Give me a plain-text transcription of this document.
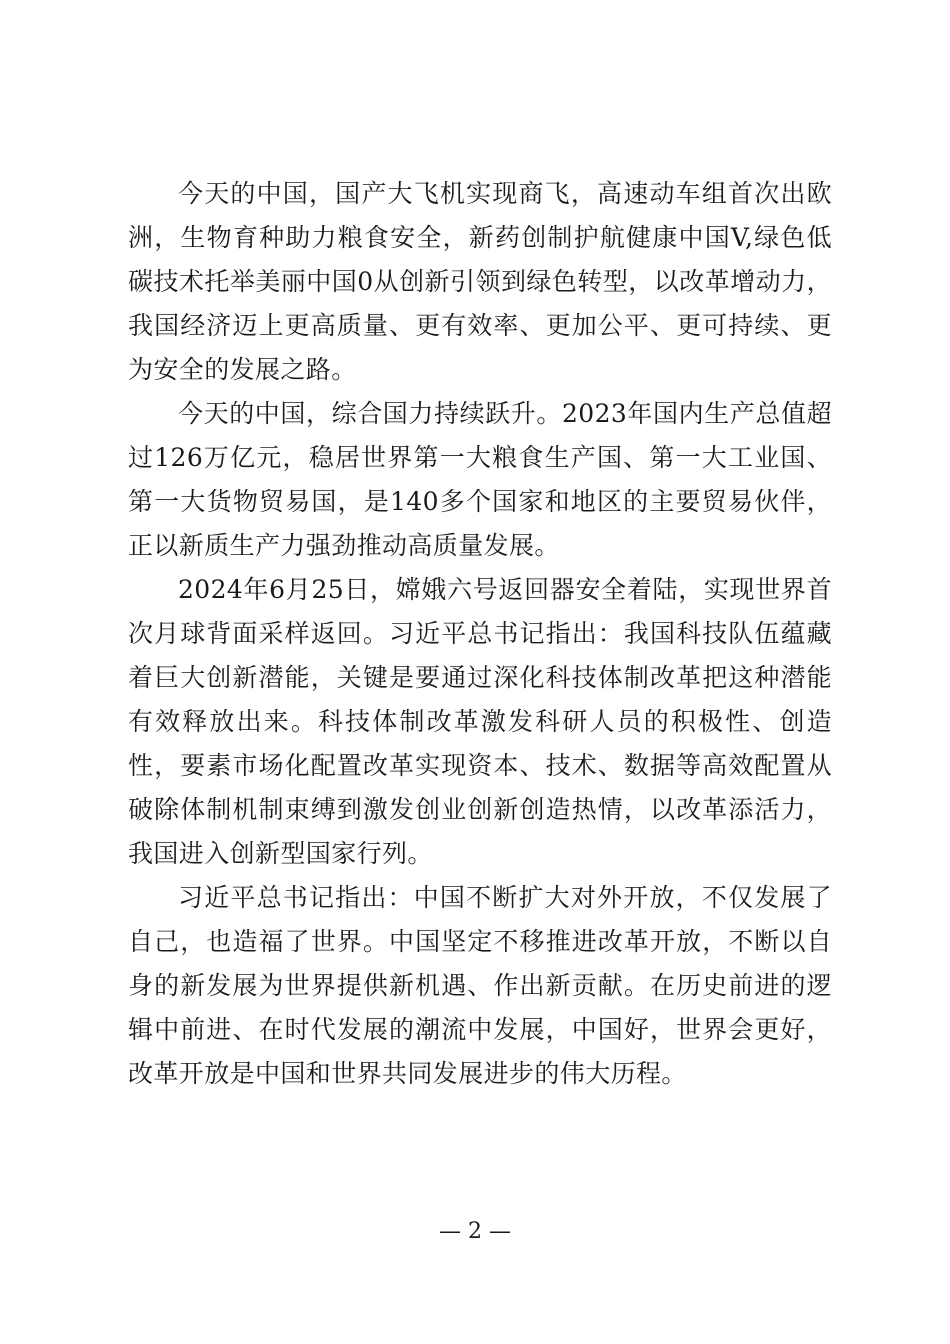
今天的中国，国产大飞机实现商飞，高速动车组首次出欧洲，生物育种助力粮食安全，新药创制护航健康中国V,绿色低碳技术托举美丽中国0从创新引领到绿色转型，以改革增动力，我国经济迈上更高质量、更有效率、更加公平、更可持续、更为安全的发展之路。

今天的中国，综合国力持续跃升。2023年国内生产总值超过126万亿元，稳居世界第一大粮食生产国、第一大工业国、第一大货物贸易国，是140多个国家和地区的主要贸易伙伴，正以新质生产力强劲推动高质量发展。

2024年6月25日，嫦娥六号返回器安全着陆，实现世界首次月球背面采样返回。习近平总书记指出：我国科技队伍蕴藏着巨大创新潜能，关键是要通过深化科技体制改革把这种潜能有效释放出来。科技体制改革激发科研人员的积极性、创造性，要素市场化配置改革实现资本、技术、数据等高效配置从破除体制机制束缚到激发创业创新创造热情，以改革添活力，我国进入创新型国家行列。

习近平总书记指出：中国不断扩大对外开放，不仅发展了自己，也造福了世界。中国坚定不移推进改革开放，不断以自身的新发展为世界提供新机遇、作出新贡献。在历史前进的逻辑中前进、在时代发展的潮流中发展，中国好，世界会更好，改革开放是中国和世界共同发展进步的伟大历程。

— 2 —
